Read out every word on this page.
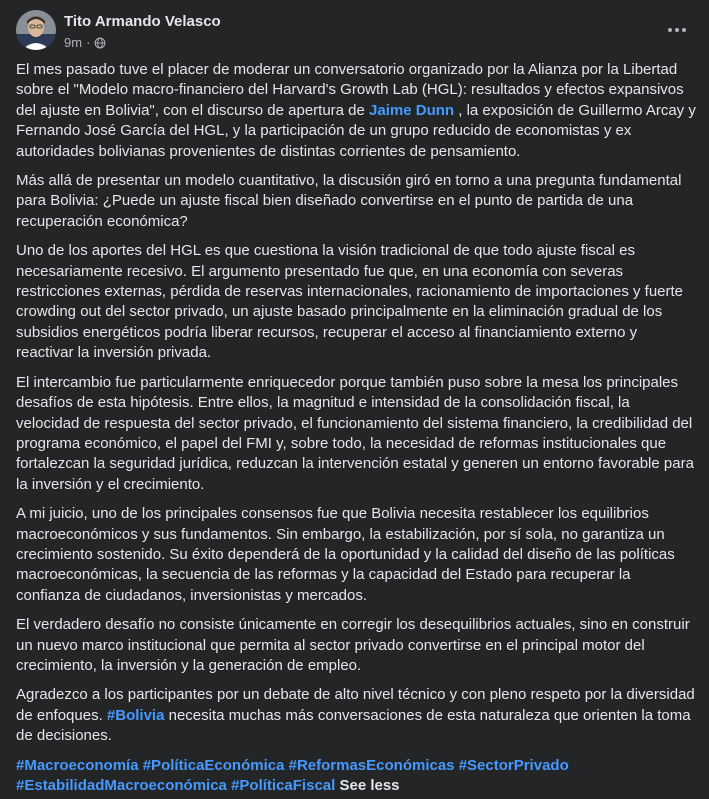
Tito Armando Velasco
9m ·

El mes pasado tuve el placer de moderar un conversatorio organizado por la Alianza por la Libertad sobre el "Modelo macro-financiero del Harvard's Growth Lab (HGL): resultados y efectos expansivos del ajuste en Bolivia", con el discurso de apertura de Jaime Dunn , la exposición de Guillermo Arcay y Fernando José García del HGL, y la participación de un grupo reducido de economistas y ex autoridades bolivianas provenientes de distintas corrientes de pensamiento.

Más allá de presentar un modelo cuantitativo, la discusión giró en torno a una pregunta fundamental para Bolivia: ¿Puede un ajuste fiscal bien diseñado convertirse en el punto de partida de una recuperación económica?

Uno de los aportes del HGL es que cuestiona la visión tradicional de que todo ajuste fiscal es necesariamente recesivo. El argumento presentado fue que, en una economía con severas restricciones externas, pérdida de reservas internacionales, racionamiento de importaciones y fuerte crowding out del sector privado, un ajuste basado principalmente en la eliminación gradual de los subsidios energéticos podría liberar recursos, recuperar el acceso al financiamiento externo y reactivar la inversión privada.

El intercambio fue particularmente enriquecedor porque también puso sobre la mesa los principales desafíos de esta hipótesis. Entre ellos, la magnitud e intensidad de la consolidación fiscal, la velocidad de respuesta del sector privado, el funcionamiento del sistema financiero, la credibilidad del programa económico, el papel del FMI y, sobre todo, la necesidad de reformas institucionales que fortalezcan la seguridad jurídica, reduzcan la intervención estatal y generen un entorno favorable para la inversión y el crecimiento.

A mi juicio, uno de los principales consensos fue que Bolivia necesita restablecer los equilibrios macroeconómicos y sus fundamentos. Sin embargo, la estabilización, por sí sola, no garantiza un crecimiento sostenido. Su éxito dependerá de la oportunidad y la calidad del diseño de las políticas macroeconómicas, la secuencia de las reformas y la capacidad del Estado para recuperar la confianza de ciudadanos, inversionistas y mercados.

El verdadero desafío no consiste únicamente en corregir los desequilibrios actuales, sino en construir un nuevo marco institucional que permita al sector privado convertirse en el principal motor del crecimiento, la inversión y la generación de empleo.

Agradezco a los participantes por un debate de alto nivel técnico y con pleno respeto por la diversidad de enfoques. #Bolivia necesita muchas más conversaciones de esta naturaleza que orienten la toma de decisiones.

#Macroeconomía #PolíticaEconómica #ReformasEconómicas #SectorPrivado #EstabilidadMacroeconómica #PolíticaFiscal See less
